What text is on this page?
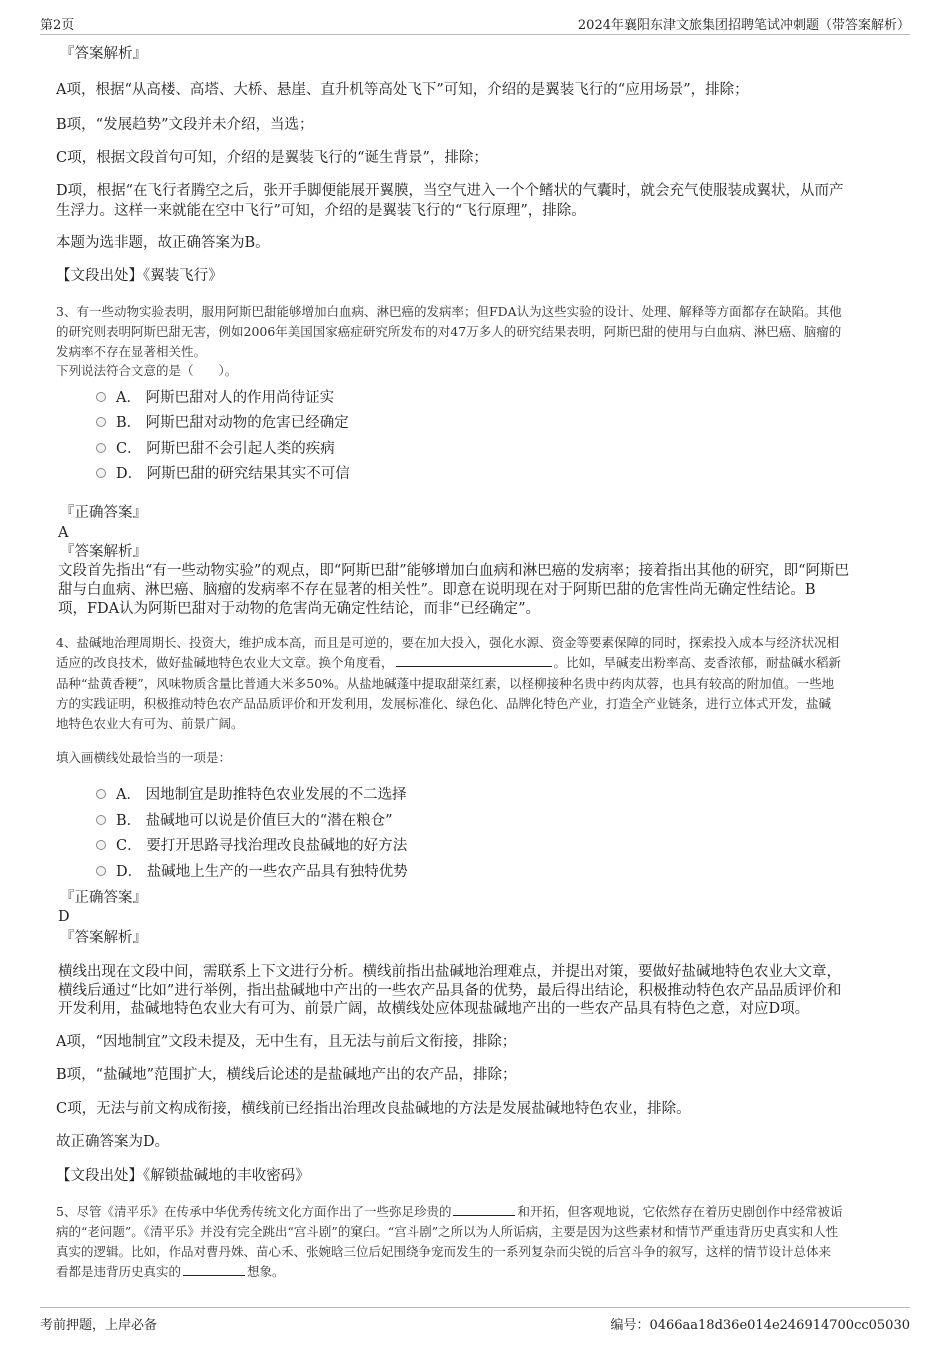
第2页	2024年襄阳东津文旅集团招聘笔试冲刺题（带答案解析）
『答案解析』
A项，根据“从高楼、高塔、大桥、悬崖、直升机等高处飞下”可知，介绍的是翼装飞行的“应用场景”，排除；
B项，“发展趋势”文段并未介绍，当选；
C项，根据文段首句可知，介绍的是翼装飞行的“诞生背景”，排除；
D项，根据“在飞行者腾空之后，张开手脚便能展开翼膜，当空气进入一个个鳍状的气囊时，就会充气使服装成翼状，从而产
生浮力。这样一来就能在空中飞行”可知，介绍的是翼装飞行的“飞行原理”，排除。
本题为选非题，故正确答案为B。
【文段出处】《翼装飞行》
3、有一些动物实验表明，服用阿斯巴甜能够增加白血病、淋巴癌的发病率；但FDA认为这些实验的设计、处理、解释等方面都存在缺陷。其他
的研究则表明阿斯巴甜无害，例如2006年美国国家癌症研究所发布的对47万多人的研究结果表明，阿斯巴甜的使用与白血病、淋巴癌、脑瘤的
发病率不存在显著相关性。
下列说法符合文意的是（　　）。
A． 阿斯巴甜对人的作用尚待证实
B． 阿斯巴甜对动物的危害已经确定
C． 阿斯巴甜不会引起人类的疾病
D． 阿斯巴甜的研究结果其实不可信
『正确答案』
A
『答案解析』
文段首先指出“有一些动物实验”的观点，即“阿斯巴甜”能够增加白血病和淋巴癌的发病率；接着指出其他的研究，即“阿斯巴
甜与白血病、淋巴癌、脑瘤的发病率不存在显著的相关性”。即意在说明现在对于阿斯巴甜的危害性尚无确定性结论。B
项，FDA认为阿斯巴甜对于动物的危害尚无确定性结论，而非“已经确定”。
4、盐碱地治理周期长、投资大，维护成本高，而且是可逆的，要在加大投入，强化水源、资金等要素保障的同时，探索投入成本与经济状况相
适应的改良技术，做好盐碱地特色农业大文章。换个角度看，	。比如，旱碱麦出粉率高、麦香浓郁，耐盐碱水稻新
品种“盐黄香粳”，风味物质含量比普通大米多50%。从盐地碱蓬中提取甜菜红素，以柽柳接种名贵中药肉苁蓉，也具有较高的附加值。一些地
方的实践证明，积极推动特色农产品品质评价和开发利用，发展标准化、绿色化、品牌化特色产业，打造全产业链条，进行立体式开发，盐碱
地特色农业大有可为、前景广阔。
填入画横线处最恰当的一项是：
A． 因地制宜是助推特色农业发展的不二选择
B． 盐碱地可以说是价值巨大的“潜在粮仓”
C． 要打开思路寻找治理改良盐碱地的好方法
D． 盐碱地上生产的一些农产品具有独特优势
『正确答案』
D
『答案解析』
横线出现在文段中间，需联系上下文进行分析。横线前指出盐碱地治理难点，并提出对策，要做好盐碱地特色农业大文章，
横线后通过“比如”进行举例，指出盐碱地中产出的一些农产品具备的优势，最后得出结论，积极推动特色农产品品质评价和
开发利用，盐碱地特色农业大有可为、前景广阔，故横线处应体现盐碱地产出的一些农产品具有特色之意，对应D项。
A项，“因地制宜”文段未提及，无中生有，且无法与前后文衔接，排除；
B项，“盐碱地”范围扩大，横线后论述的是盐碱地产出的农产品，排除；
C项，无法与前文构成衔接，横线前已经指出治理改良盐碱地的方法是发展盐碱地特色农业，排除。
故正确答案为D。
【文段出处】《解锁盐碱地的丰收密码》
5、尽管《清平乐》在传承中华优秀传统文化方面作出了一些弥足珍贵的	和开拓，但客观地说，它依然存在着历史剧创作中经常被诟
病的“老问题”。《清平乐》并没有完全跳出“宫斗剧”的窠臼。“宫斗剧”之所以为人所诟病，主要是因为这些素材和情节严重违背历史真实和人性
真实的逻辑。比如，作品对曹丹姝、苗心禾、张婉晗三位后妃围绕争宠而发生的一系列复杂而尖锐的后宫斗争的叙写，这样的情节设计总体来
看都是违背历史真实的	想象。
考前押题，上岸必备	编号：0466aa18d36e014e246914700cc05030
